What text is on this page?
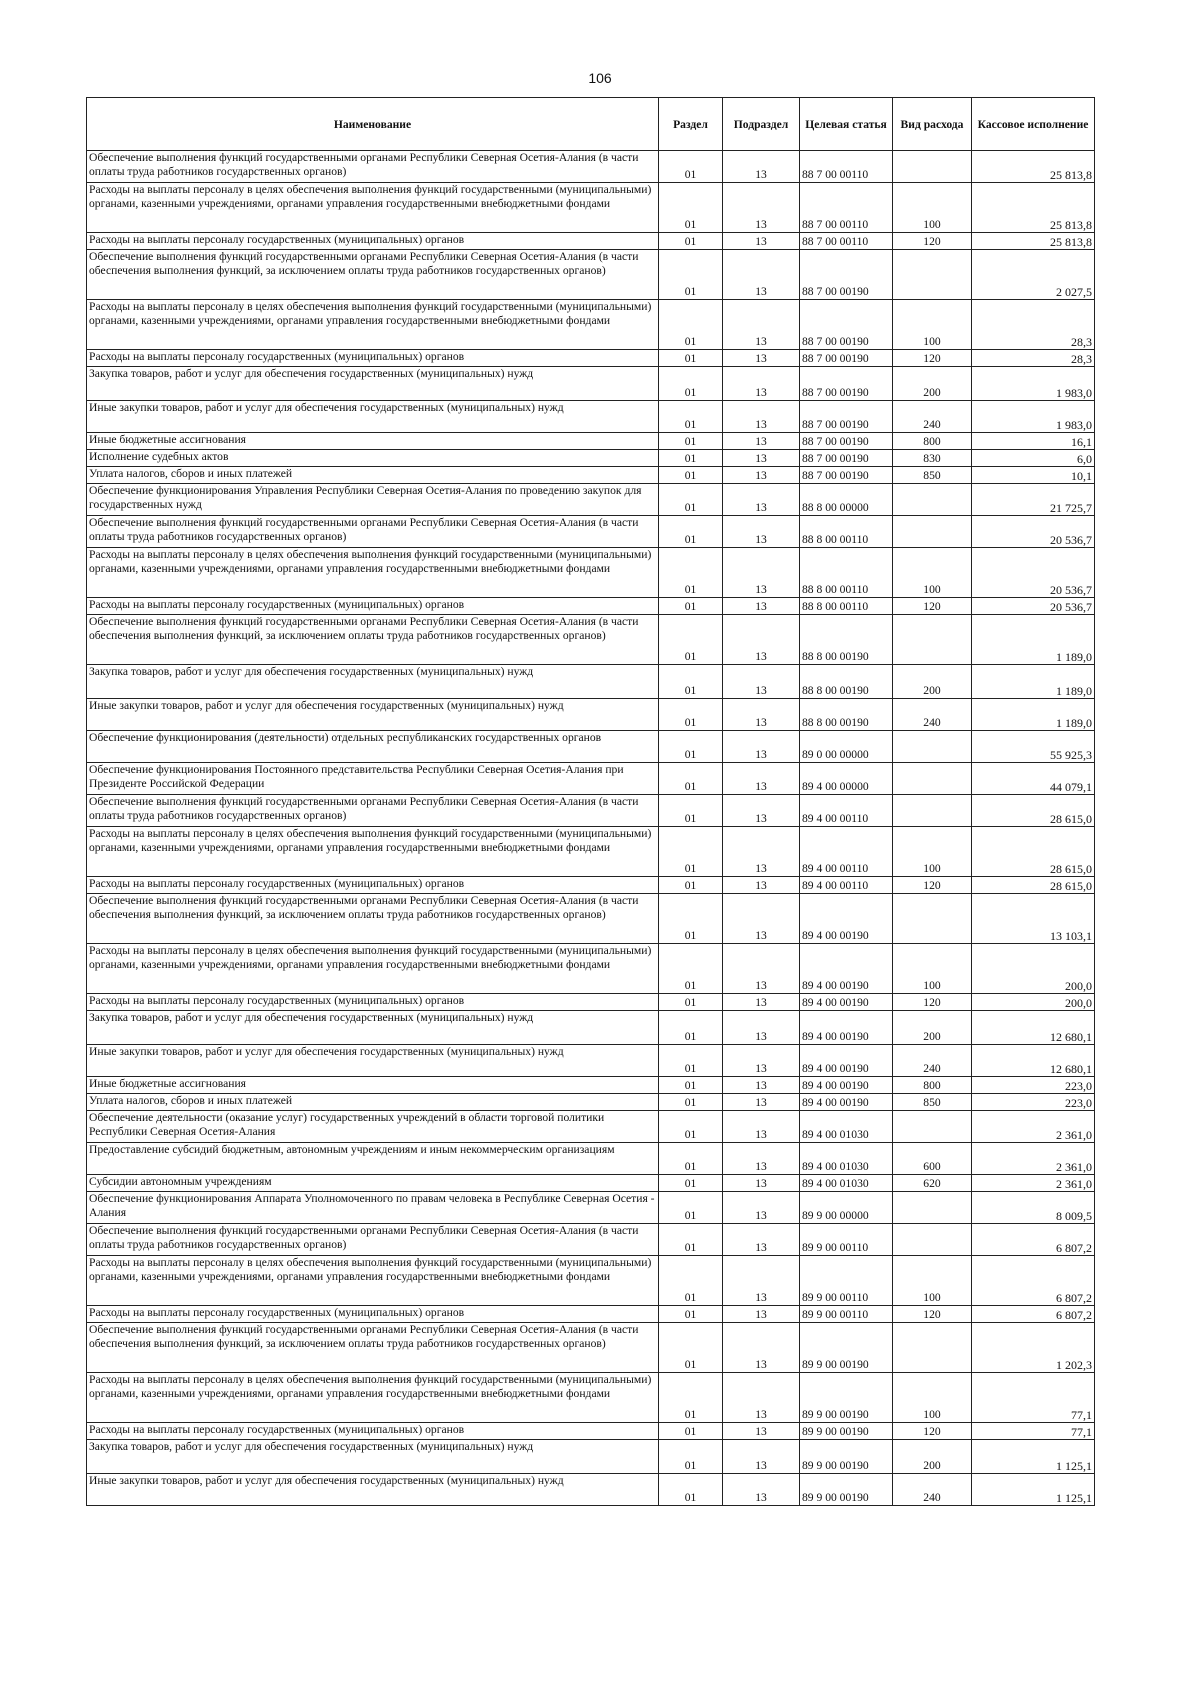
106
Наименование	Раздел	Подраздел	Целевая статья	Вид расхода	Кассовое исполнение
Обеспечение выполнения функций государственными органами Республики Северная Осетия-Алания (в части оплаты труда работников государственных органов)	01	13	88 7 00 00110		25 813,8
Расходы на выплаты персоналу в целях обеспечения выполнения функций государственными (муниципальными) органами, казенными учреждениями, органами управления государственными внебюджетными фондами	01	13	88 7 00 00110	100	25 813,8
Расходы на выплаты персоналу государственных (муниципальных) органов	01	13	88 7 00 00110	120	25 813,8
Обеспечение выполнения функций государственными органами Республики Северная Осетия-Алания (в части обеспечения выполнения функций, за исключением оплаты труда работников государственных органов)	01	13	88 7 00 00190		2 027,5
Расходы на выплаты персоналу в целях обеспечения выполнения функций государственными (муниципальными) органами, казенными учреждениями, органами управления государственными внебюджетными фондами	01	13	88 7 00 00190	100	28,3
Расходы на выплаты персоналу государственных (муниципальных) органов	01	13	88 7 00 00190	120	28,3
Закупка товаров, работ и услуг для обеспечения государственных (муниципальных) нужд	01	13	88 7 00 00190	200	1 983,0
Иные закупки товаров, работ и услуг для обеспечения государственных (муниципальных) нужд	01	13	88 7 00 00190	240	1 983,0
Иные бюджетные ассигнования	01	13	88 7 00 00190	800	16,1
Исполнение судебных актов	01	13	88 7 00 00190	830	6,0
Уплата налогов, сборов и иных платежей	01	13	88 7 00 00190	850	10,1
Обеспечение функционирования Управления Республики Северная Осетия-Алания по проведению закупок для государственных нужд	01	13	88 8 00 00000		21 725,7
Обеспечение выполнения функций государственными органами Республики Северная Осетия-Алания (в части оплаты труда работников государственных органов)	01	13	88 8 00 00110		20 536,7
Расходы на выплаты персоналу в целях обеспечения выполнения функций государственными (муниципальными) органами, казенными учреждениями, органами управления государственными внебюджетными фондами	01	13	88 8 00 00110	100	20 536,7
Расходы на выплаты персоналу государственных (муниципальных) органов	01	13	88 8 00 00110	120	20 536,7
Обеспечение выполнения функций государственными органами Республики Северная Осетия-Алания (в части обеспечения выполнения функций, за исключением оплаты труда работников государственных органов)	01	13	88 8 00 00190		1 189,0
Закупка товаров, работ и услуг для обеспечения государственных (муниципальных) нужд	01	13	88 8 00 00190	200	1 189,0
Иные закупки товаров, работ и услуг для обеспечения государственных (муниципальных) нужд	01	13	88 8 00 00190	240	1 189,0
Обеспечение функционирования (деятельности) отдельных республиканских государственных органов	01	13	89 0 00 00000		55 925,3
Обеспечение функционирования Постоянного представительства Республики Северная Осетия-Алания при Президенте Российской Федерации	01	13	89 4 00 00000		44 079,1
Обеспечение выполнения функций государственными органами Республики Северная Осетия-Алания (в части оплаты труда работников государственных органов)	01	13	89 4 00 00110		28 615,0
Расходы на выплаты персоналу в целях обеспечения выполнения функций государственными (муниципальными) органами, казенными учреждениями, органами управления государственными внебюджетными фондами	01	13	89 4 00 00110	100	28 615,0
Расходы на выплаты персоналу государственных (муниципальных) органов	01	13	89 4 00 00110	120	28 615,0
Обеспечение выполнения функций государственными органами Республики Северная Осетия-Алания (в части обеспечения выполнения функций, за исключением оплаты труда работников государственных органов)	01	13	89 4 00 00190		13 103,1
Расходы на выплаты персоналу в целях обеспечения выполнения функций государственными (муниципальными) органами, казенными учреждениями, органами управления государственными внебюджетными фондами	01	13	89 4 00 00190	100	200,0
Расходы на выплаты персоналу государственных (муниципальных) органов	01	13	89 4 00 00190	120	200,0
Закупка товаров, работ и услуг для обеспечения государственных (муниципальных) нужд	01	13	89 4 00 00190	200	12 680,1
Иные закупки товаров, работ и услуг для обеспечения государственных (муниципальных) нужд	01	13	89 4 00 00190	240	12 680,1
Иные бюджетные ассигнования	01	13	89 4 00 00190	800	223,0
Уплата налогов, сборов и иных платежей	01	13	89 4 00 00190	850	223,0
Обеспечение деятельности (оказание услуг) государственных учреждений в области торговой политики Республики Северная Осетия-Алания	01	13	89 4 00 01030		2 361,0
Предоставление субсидий бюджетным, автономным учреждениям и иным некоммерческим организациям	01	13	89 4 00 01030	600	2 361,0
Субсидии автономным учреждениям	01	13	89 4 00 01030	620	2 361,0
Обеспечение функционирования Аппарата Уполномоченного по правам человека в Республике Северная Осетия - Алания	01	13	89 9 00 00000		8 009,5
Обеспечение выполнения функций государственными органами Республики Северная Осетия-Алания (в части оплаты труда работников государственных органов)	01	13	89 9 00 00110		6 807,2
Расходы на выплаты персоналу в целях обеспечения выполнения функций государственными (муниципальными) органами, казенными учреждениями, органами управления государственными внебюджетными фондами	01	13	89 9 00 00110	100	6 807,2
Расходы на выплаты персоналу государственных (муниципальных) органов	01	13	89 9 00 00110	120	6 807,2
Обеспечение выполнения функций государственными органами Республики Северная Осетия-Алания (в части обеспечения выполнения функций, за исключением оплаты труда работников государственных органов)	01	13	89 9 00 00190		1 202,3
Расходы на выплаты персоналу в целях обеспечения выполнения функций государственными (муниципальными) органами, казенными учреждениями, органами управления государственными внебюджетными фондами	01	13	89 9 00 00190	100	77,1
Расходы на выплаты персоналу государственных (муниципальных) органов	01	13	89 9 00 00190	120	77,1
Закупка товаров, работ и услуг для обеспечения государственных (муниципальных) нужд	01	13	89 9 00 00190	200	1 125,1
Иные закупки товаров, работ и услуг для обеспечения государственных (муниципальных) нужд	01	13	89 9 00 00190	240	1 125,1
